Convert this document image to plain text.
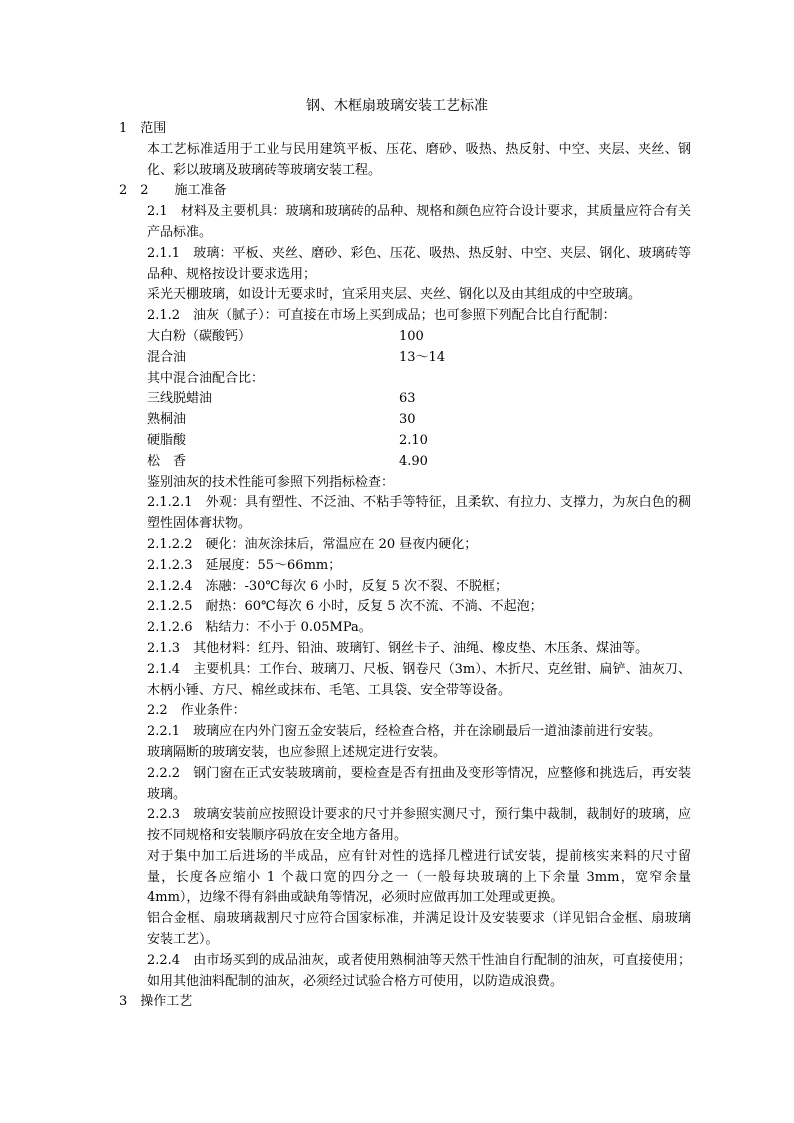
钢、木框扇玻璃安装工艺标准

1　范围

本工艺标准适用于工业与民用建筑平板、压花、磨砂、吸热、热反射、中空、夹层、夹丝、钢化、彩以玻璃及玻璃砖等玻璃安装工程。

2　2　　施工准备

2.1　材料及主要机具：玻璃和玻璃砖的品种、规格和颜色应符合设计要求，其质量应符合有关产品标准。

2.1.1　玻璃：平板、夹丝、磨砂、彩色、压花、吸热、热反射、中空、夹层、钢化、玻璃砖等品种、规格按设计要求选用；

采光天棚玻璃，如设计无要求时，宜采用夹层、夹丝、钢化以及由其组成的中空玻璃。

2.1.2　油灰（腻子）：可直接在市场上买到成品；也可参照下列配合比自行配制：

大白粉（碳酸钙）	100
混合油	13～14

其中混合油配合比：

三线脱蜡油	63
熟桐油	30
硬脂酸	2.10
松　香	4.90

鉴别油灰的技术性能可参照下列指标检查：

2.1.2.1　外观：具有塑性、不泛油、不粘手等特征，且柔软、有拉力、支撑力，为灰白色的稠塑性固体膏状物。

2.1.2.2　硬化：油灰涂抹后，常温应在 20 昼夜内硬化；

2.1.2.3　延展度：55～66mm；

2.1.2.4　冻融：-30℃每次 6 小时，反复 5 次不裂、不脱框；

2.1.2.5　耐热：60℃每次 6 小时，反复 5 次不流、不淌、不起泡；

2.1.2.6　粘结力：不小于 0.05MPa。

2.1.3　其他材料：红丹、铅油、玻璃钉、钢丝卡子、油绳、橡皮垫、木压条、煤油等。

2.1.4　主要机具：工作台、玻璃刀、尺板、钢卷尺（3m）、木折尺、克丝钳、扁铲、油灰刀、木柄小锤、方尺、棉丝或抹布、毛笔、工具袋、安全带等设备。

2.2　作业条件：

2.2.1　玻璃应在内外门窗五金安装后，经检查合格，并在涂刷最后一道油漆前进行安装。

玻璃隔断的玻璃安装，也应参照上述规定进行安装。

2.2.2　钢门窗在正式安装玻璃前，要检查是否有扭曲及变形等情况，应整修和挑选后，再安装玻璃。

2.2.3　玻璃安装前应按照设计要求的尺寸并参照实测尺寸，预行集中裁制，裁制好的玻璃，应按不同规格和安装顺序码放在安全地方备用。

对于集中加工后进场的半成品，应有针对性的选择几樘进行试安装，提前核实来料的尺寸留量，长度各应缩小 1 个裁口宽的四分之一（一般每块玻璃的上下余量 3mm，宽窄余量 4mm），边缘不得有斜曲或缺角等情况，必须时应做再加工处理或更换。

铝合金框、扇玻璃裁割尺寸应符合国家标准，并满足设计及安装要求（详见铝合金框、扇玻璃安装工艺）。

2.2.4　由市场买到的成品油灰，或者使用熟桐油等天然干性油自行配制的油灰，可直接使用；如用其他油料配制的油灰，必须经过试验合格方可使用，以防造成浪费。

3　操作工艺
